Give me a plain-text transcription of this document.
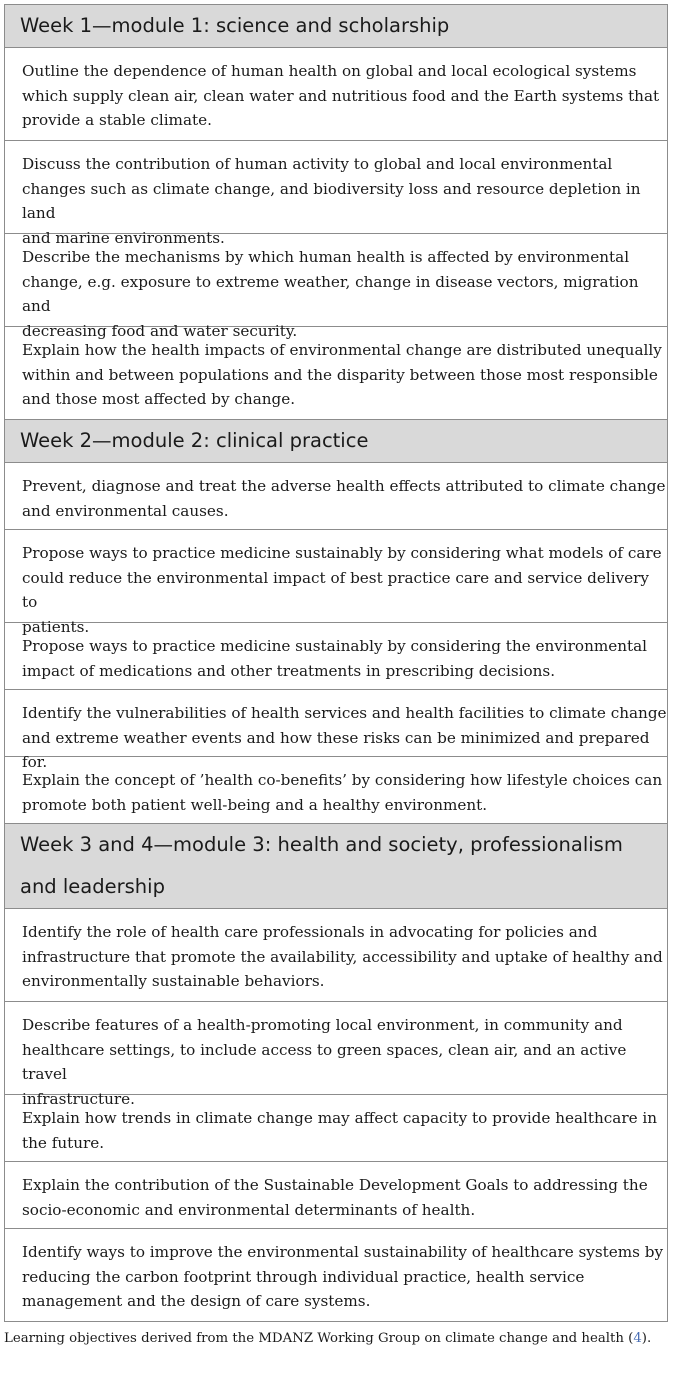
Week 1—module 1: science and scholarship
Outline the dependence of human health on global and local ecological systems
which supply clean air, clean water and nutritious food and the Earth systems that
provide a stable climate.
Discuss the contribution of human activity to global and local environmental
changes such as climate change, and biodiversity loss and resource depletion in land
and marine environments.
Describe the mechanisms by which human health is affected by environmental
change, e.g. exposure to extreme weather, change in disease vectors, migration and
decreasing food and water security.
Explain how the health impacts of environmental change are distributed unequally
within and between populations and the disparity between those most responsible
and those most affected by change.
Week 2—module 2: clinical practice
Prevent, diagnose and treat the adverse health effects attributed to climate change
and environmental causes.
Propose ways to practice medicine sustainably by considering what models of care
could reduce the environmental impact of best practice care and service delivery to
patients.
Propose ways to practice medicine sustainably by considering the environmental
impact of medications and other treatments in prescribing decisions.
Identify the vulnerabilities of health services and health facilities to climate change
and extreme weather events and how these risks can be minimized and prepared for.
Explain the concept of ’health co-benefits’ by considering how lifestyle choices can
promote both patient well-being and a healthy environment.
Week 3 and 4—module 3: health and society, professionalism
and leadership
Identify the role of health care professionals in advocating for policies and
infrastructure that promote the availability, accessibility and uptake of healthy and
environmentally sustainable behaviors.
Describe features of a health-promoting local environment, in community and
healthcare settings, to include access to green spaces, clean air, and an active travel
infrastructure.
Explain how trends in climate change may affect capacity to provide healthcare in
the future.
Explain the contribution of the Sustainable Development Goals to addressing the
socio-economic and environmental determinants of health.
Identify ways to improve the environmental sustainability of healthcare systems by
reducing the carbon footprint through individual practice, health service
management and the design of care systems.
Learning objectives derived from the MDANZ Working Group on climate change and health (4).
